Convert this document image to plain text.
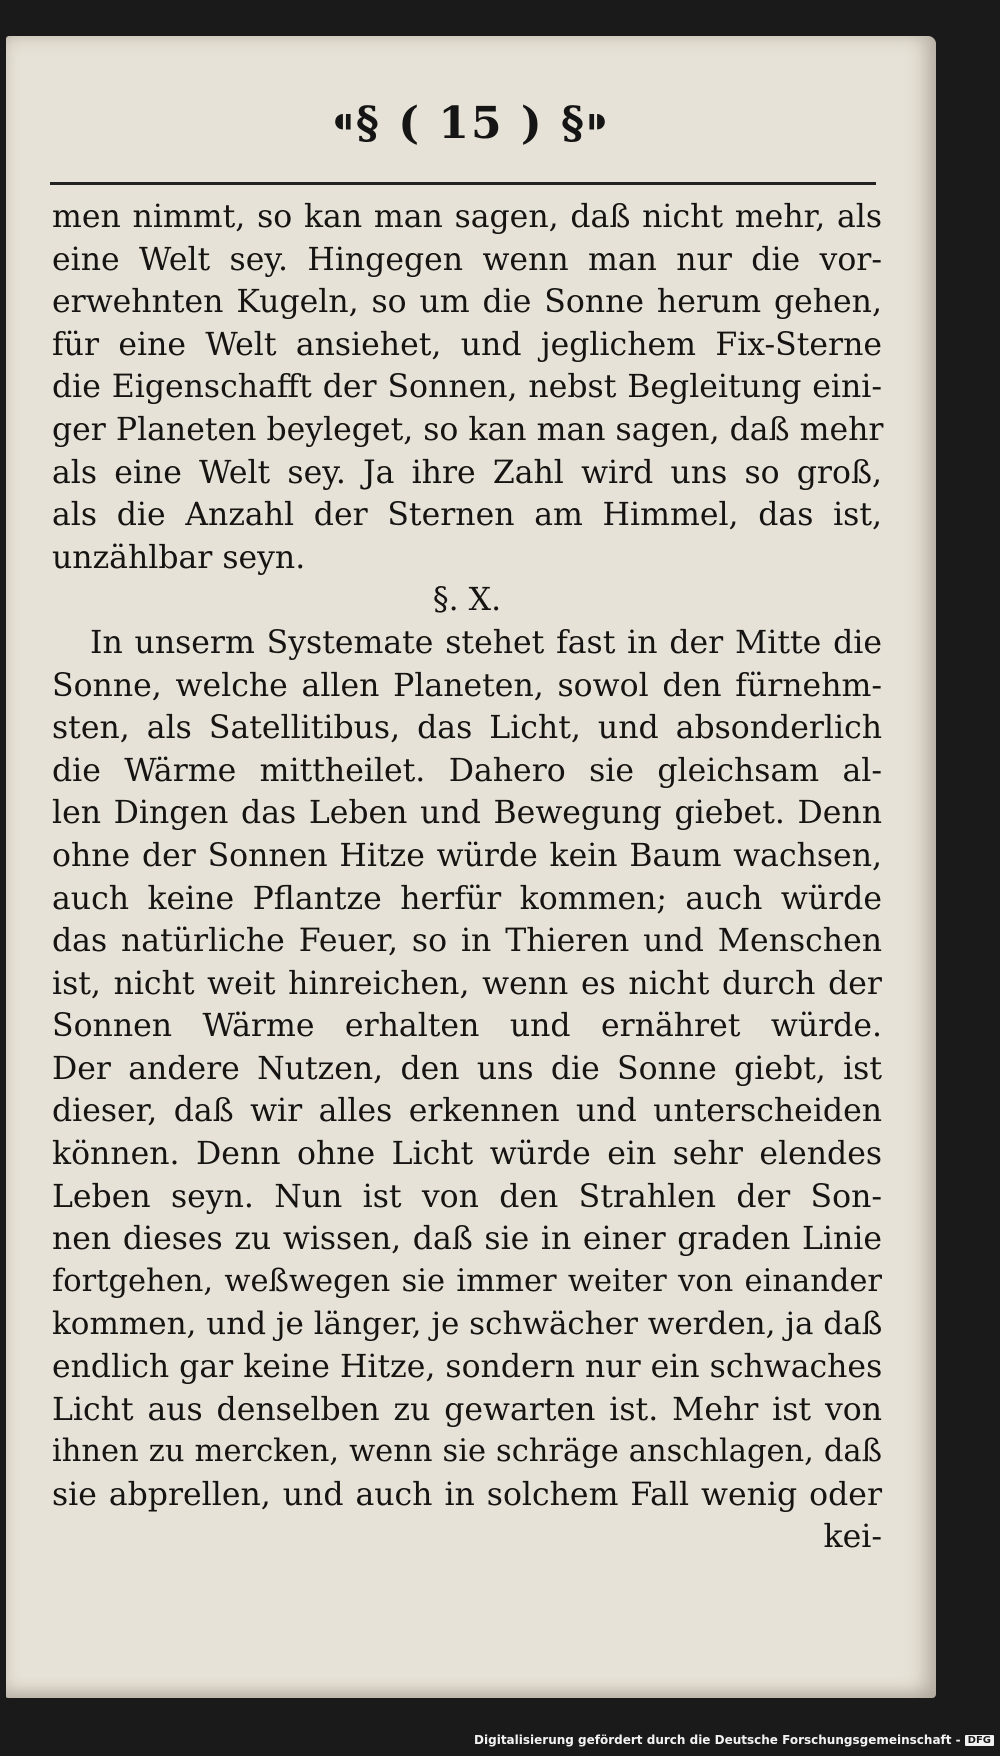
⁌§ ( 15 ) §⁍
men nimmt, so kan man sagen, daß nicht mehr, als
eine Welt sey. Hingegen wenn man nur die vor-
erwehnten Kugeln, so um die Sonne herum gehen,
für eine Welt ansiehet, und jeglichem Fix-Sterne
die Eigenschafft der Sonnen, nebst Begleitung eini-
ger Planeten beyleget, so kan man sagen, daß mehr
als eine Welt sey. Ja ihre Zahl wird uns so groß,
als die Anzahl der Sternen am Himmel, das ist,
unzählbar seyn.
§. X.
In unserm Systemate stehet fast in der Mitte die
Sonne, welche allen Planeten, sowol den fürnehm-
sten, als Satellitibus, das Licht, und absonderlich
die Wärme mittheilet. Dahero sie gleichsam al-
len Dingen das Leben und Bewegung giebet. Denn
ohne der Sonnen Hitze würde kein Baum wachsen,
auch keine Pflantze herfür kommen; auch würde
das natürliche Feuer, so in Thieren und Menschen
ist, nicht weit hinreichen, wenn es nicht durch der
Sonnen Wärme erhalten und ernähret würde.
Der andere Nutzen, den uns die Sonne giebt, ist
dieser, daß wir alles erkennen und unterscheiden
können. Denn ohne Licht würde ein sehr elendes
Leben seyn. Nun ist von den Strahlen der Son-
nen dieses zu wissen, daß sie in einer graden Linie
fortgehen, weßwegen sie immer weiter von einander
kommen, und je länger, je schwächer werden, ja daß
endlich gar keine Hitze, sondern nur ein schwaches
Licht aus denselben zu gewarten ist. Mehr ist von
ihnen zu mercken, wenn sie schräge anschlagen, daß
sie abprellen, und auch in solchem Fall wenig oder
kei-
Digitalisierung gefördert durch die Deutsche Forschungsgemeinschaft - DFG
